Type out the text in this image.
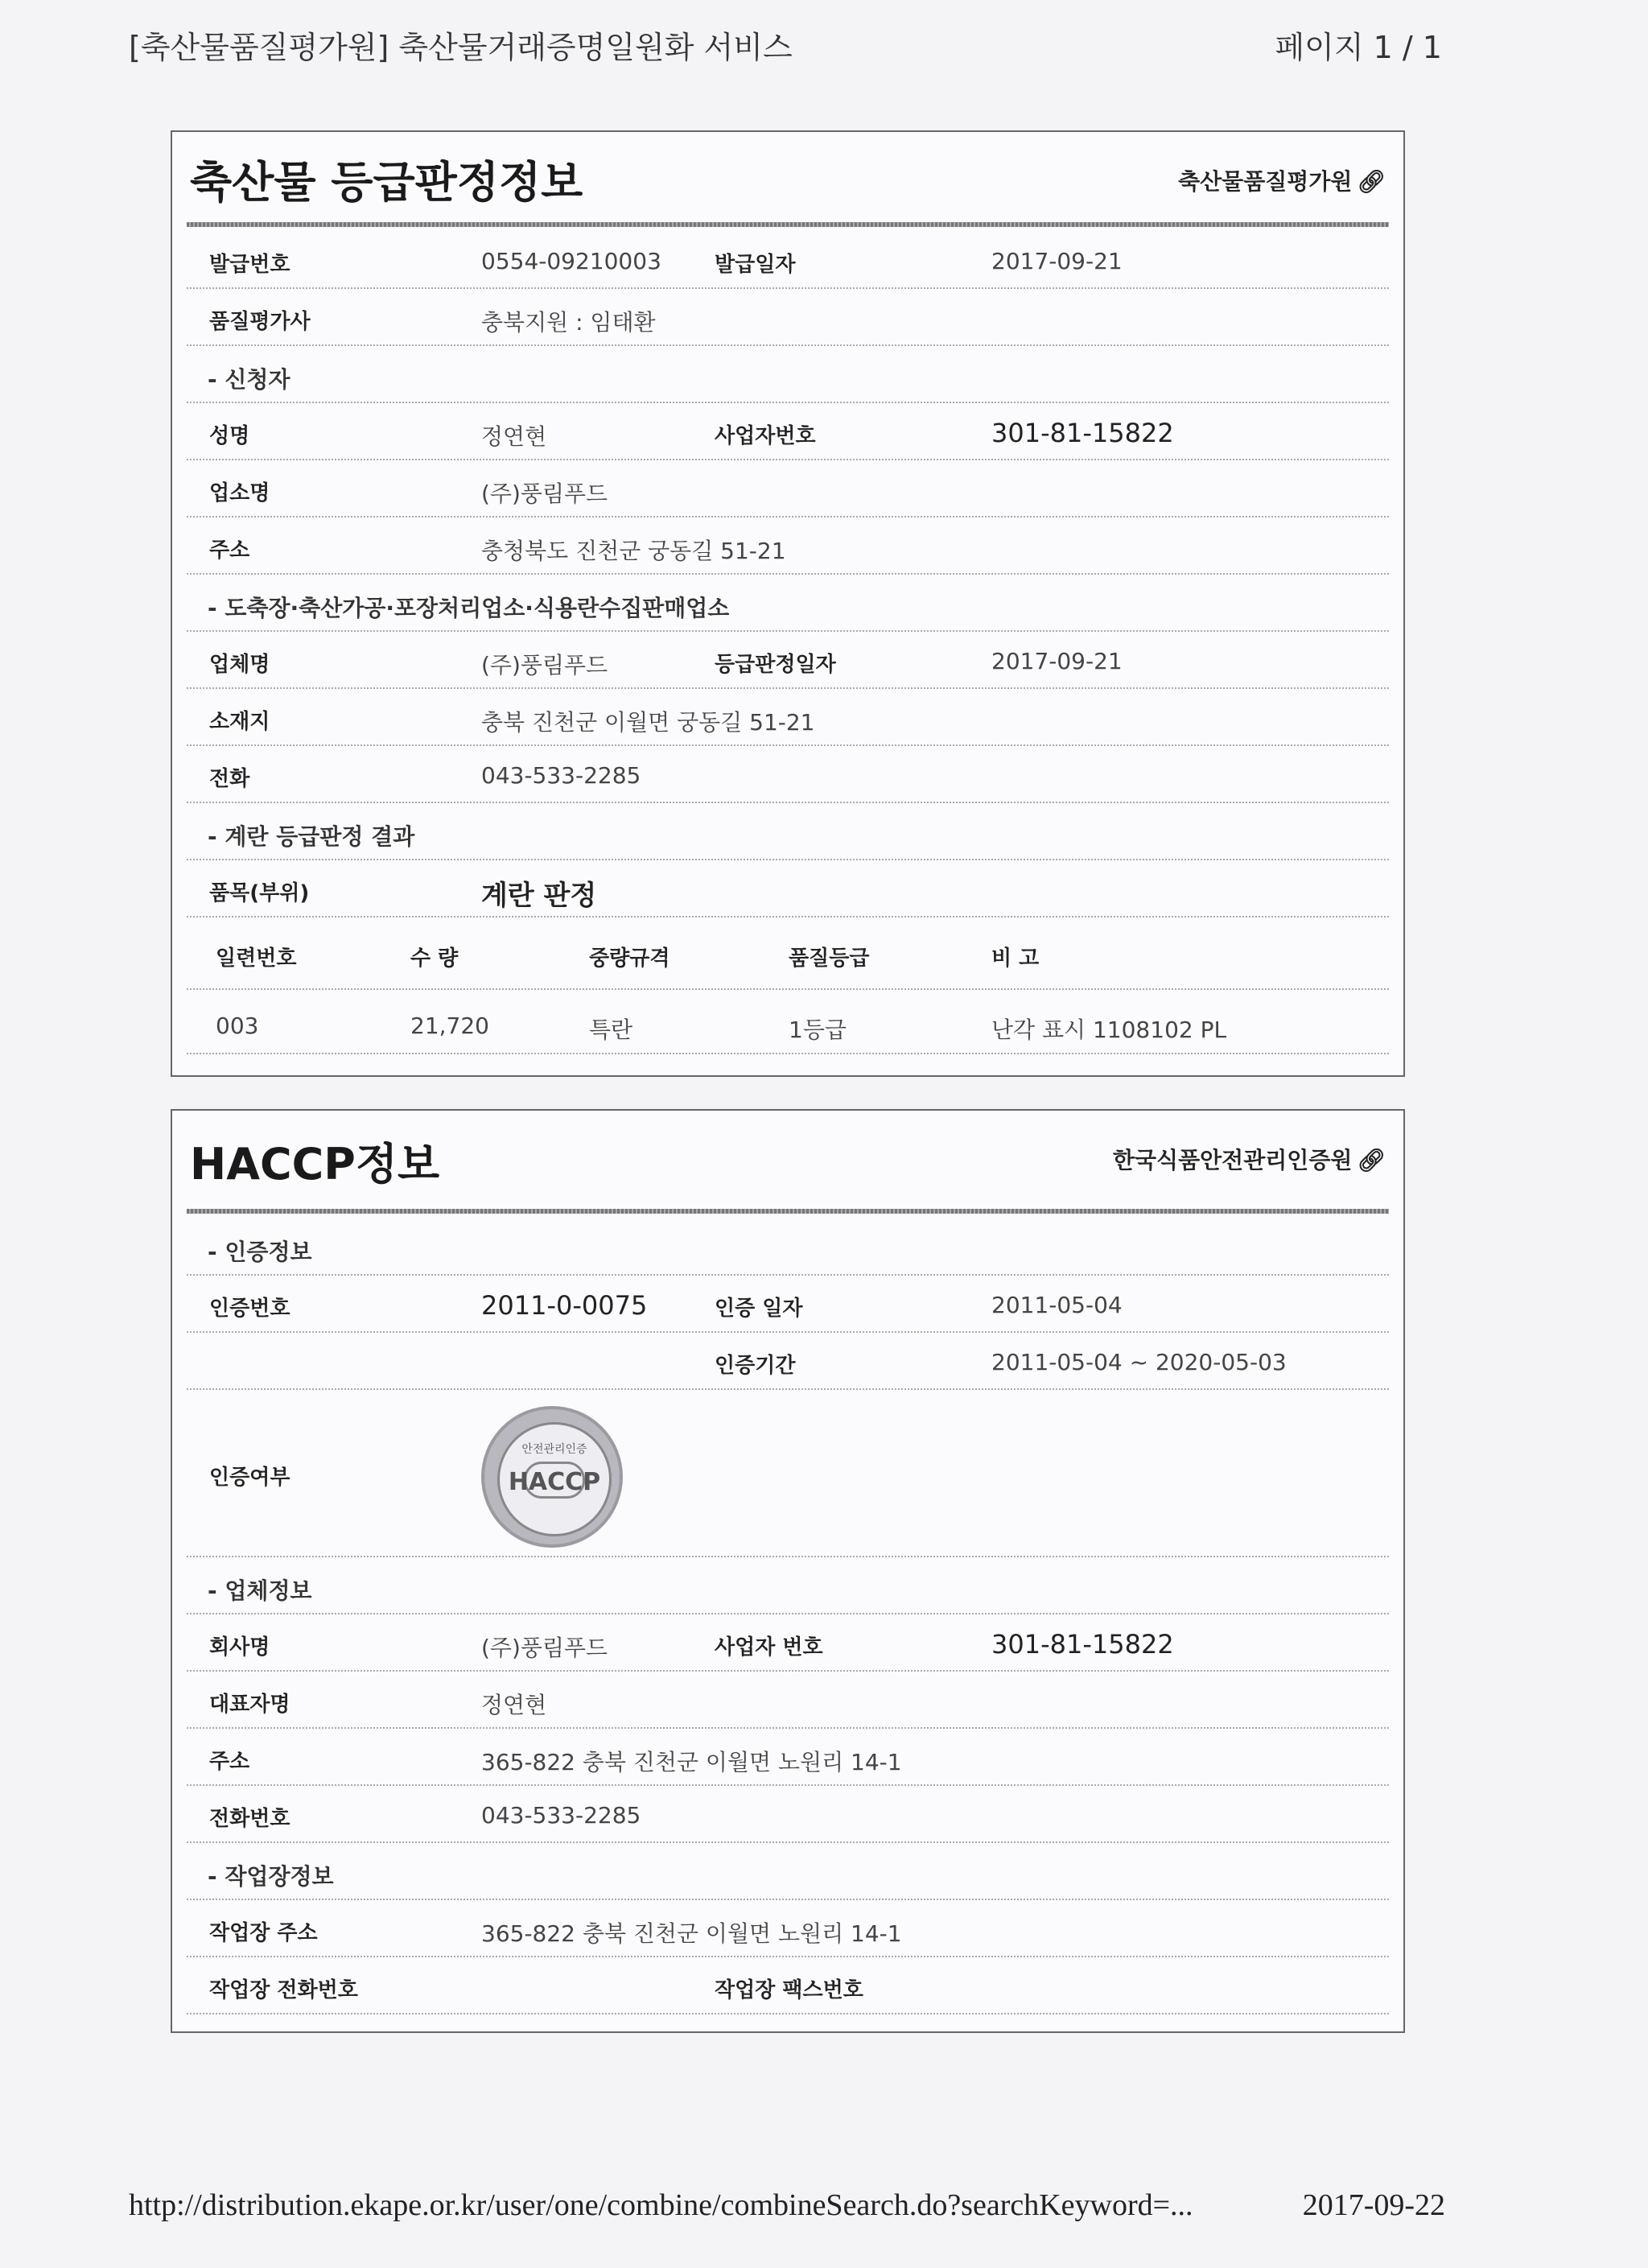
[축산물품질평가원] 축산물거래증명일원화 서비스	페이지 1 / 1
축산물 등급판정정보	축산물품질평가원 🔗︎
발급번호	0554-09210003	발급일자	2017-09-21
품질평가사	충북지원 : 임태환
- 신청자
성명	정연현	사업자번호	301-81-15822
업소명	(주)풍림푸드
주소	충청북도 진천군 궁동길 51-21
- 도축장·축산가공·포장처리업소·식용란수집판매업소
업체명	(주)풍림푸드	등급판정일자	2017-09-21
소재지	충북 진천군 이월면 궁동길 51-21
전화	043-533-2285
- 계란 등급판정 결과
품목(부위)	계란 판정
일련번호	수 량	중량규격	품질등급	비 고
003	21,720	특란	1등급	난각 표시 1108102 PL
HACCP정보	한국식품안전관리인증원 🔗︎
- 인증정보
인증번호	2011-0-0075	인증 일자	2011-05-04
인증기간	2011-05-04 ~ 2020-05-03
인증여부
안전관리인증
HACCP
- 업체정보
회사명	(주)풍림푸드	사업자 번호	301-81-15822
대표자명	정연현
주소	365-822 충북 진천군 이월면 노원리 14-1
전화번호	043-533-2285
- 작업장정보
작업장 주소	365-822 충북 진천군 이월면 노원리 14-1
작업장 전화번호	작업장 팩스번호
http://distribution.ekape.or.kr/user/one/combine/combineSearch.do?searchKeyword=...	2017-09-22
